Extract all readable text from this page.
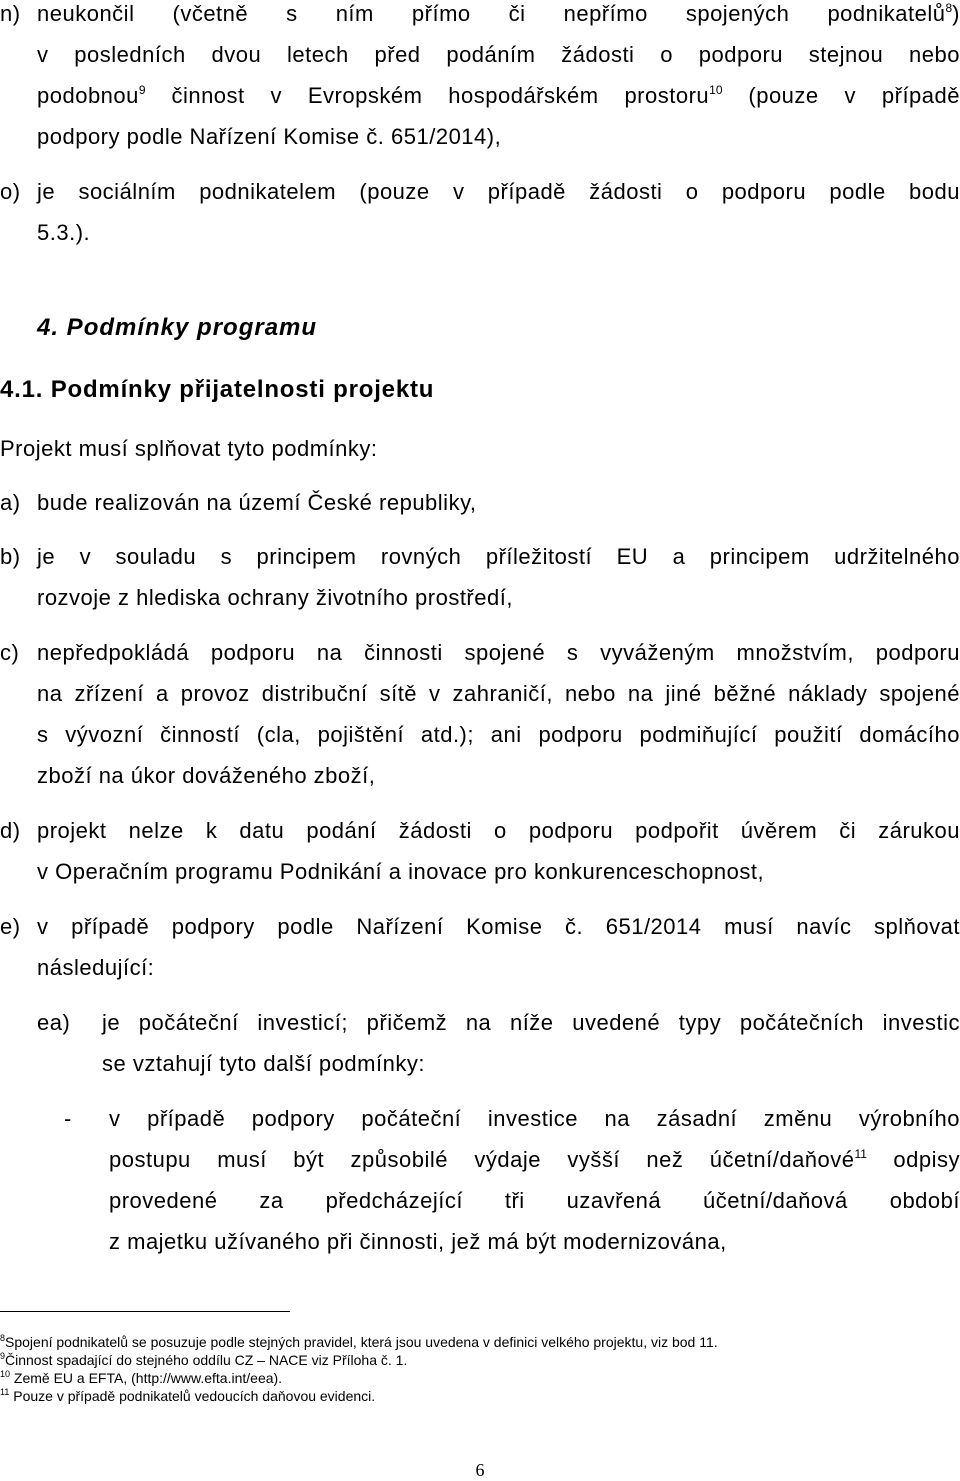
n) neukončil (včetně s ním přímo či nepřímo spojených podnikatelů$^8$)
v posledních dvou letech před podáním žádosti o podporu stejnou nebo
podobnou$^9$ činnost v Evropském hospodářském prostoru$^{10}$ (pouze v případě
podpory podle Nařízení Komise č. 651/2014),
o) je sociálním podnikatelem (pouze v případě žádosti o podporu podle bodu
5.3.).
4. Podmínky programu
4.1. Podmínky přijatelnosti projektu
Projekt musí splňovat tyto podmínky:
a) bude realizován na území České republiky,
b) je v souladu s principem rovných příležitostí EU a principem udržitelného
rozvoje z hlediska ochrany životního prostředí,
c) nepředpokládá podporu na činnosti spojené s vyváženým množstvím, podporu
na zřízení a provoz distribuční sítě v zahraničí, nebo na jiné běžné náklady spojené
s vývozní činností (cla, pojištění atd.); ani podporu podmiňující použití domácího
zboží na úkor dováženého zboží,
d) projekt nelze k datu podání žádosti o podporu podpořit úvěrem či zárukou
v Operačním programu Podnikání a inovace pro konkurenceschopnost,
e) v případě podpory podle Nařízení Komise č. 651/2014 musí navíc splňovat
následující:
ea) je počáteční investicí; přičemž na níže uvedené typy počátečních investic
se vztahují tyto další podmínky:
- v případě podpory počáteční investice na zásadní změnu výrobního
postupu musí být způsobilé výdaje vyšší než účetní/daňové$^{11}$ odpisy
provedené za předcházející tři uzavřená účetní/daňová období
z majetku užívaného při činnosti, jež má být modernizována,
$^8$Spojení podnikatelů se posuzuje podle stejných pravidel, která jsou uvedena v definici velkého projektu, viz bod 11.
$^9$Činnost spadající do stejného oddílu CZ – NACE viz Příloha č. 1.
$^{10}$ Země EU a EFTA, (http://www.efta.int/eea).
$^{11}$ Pouze v případě podnikatelů vedoucích daňovou evidenci.
6
